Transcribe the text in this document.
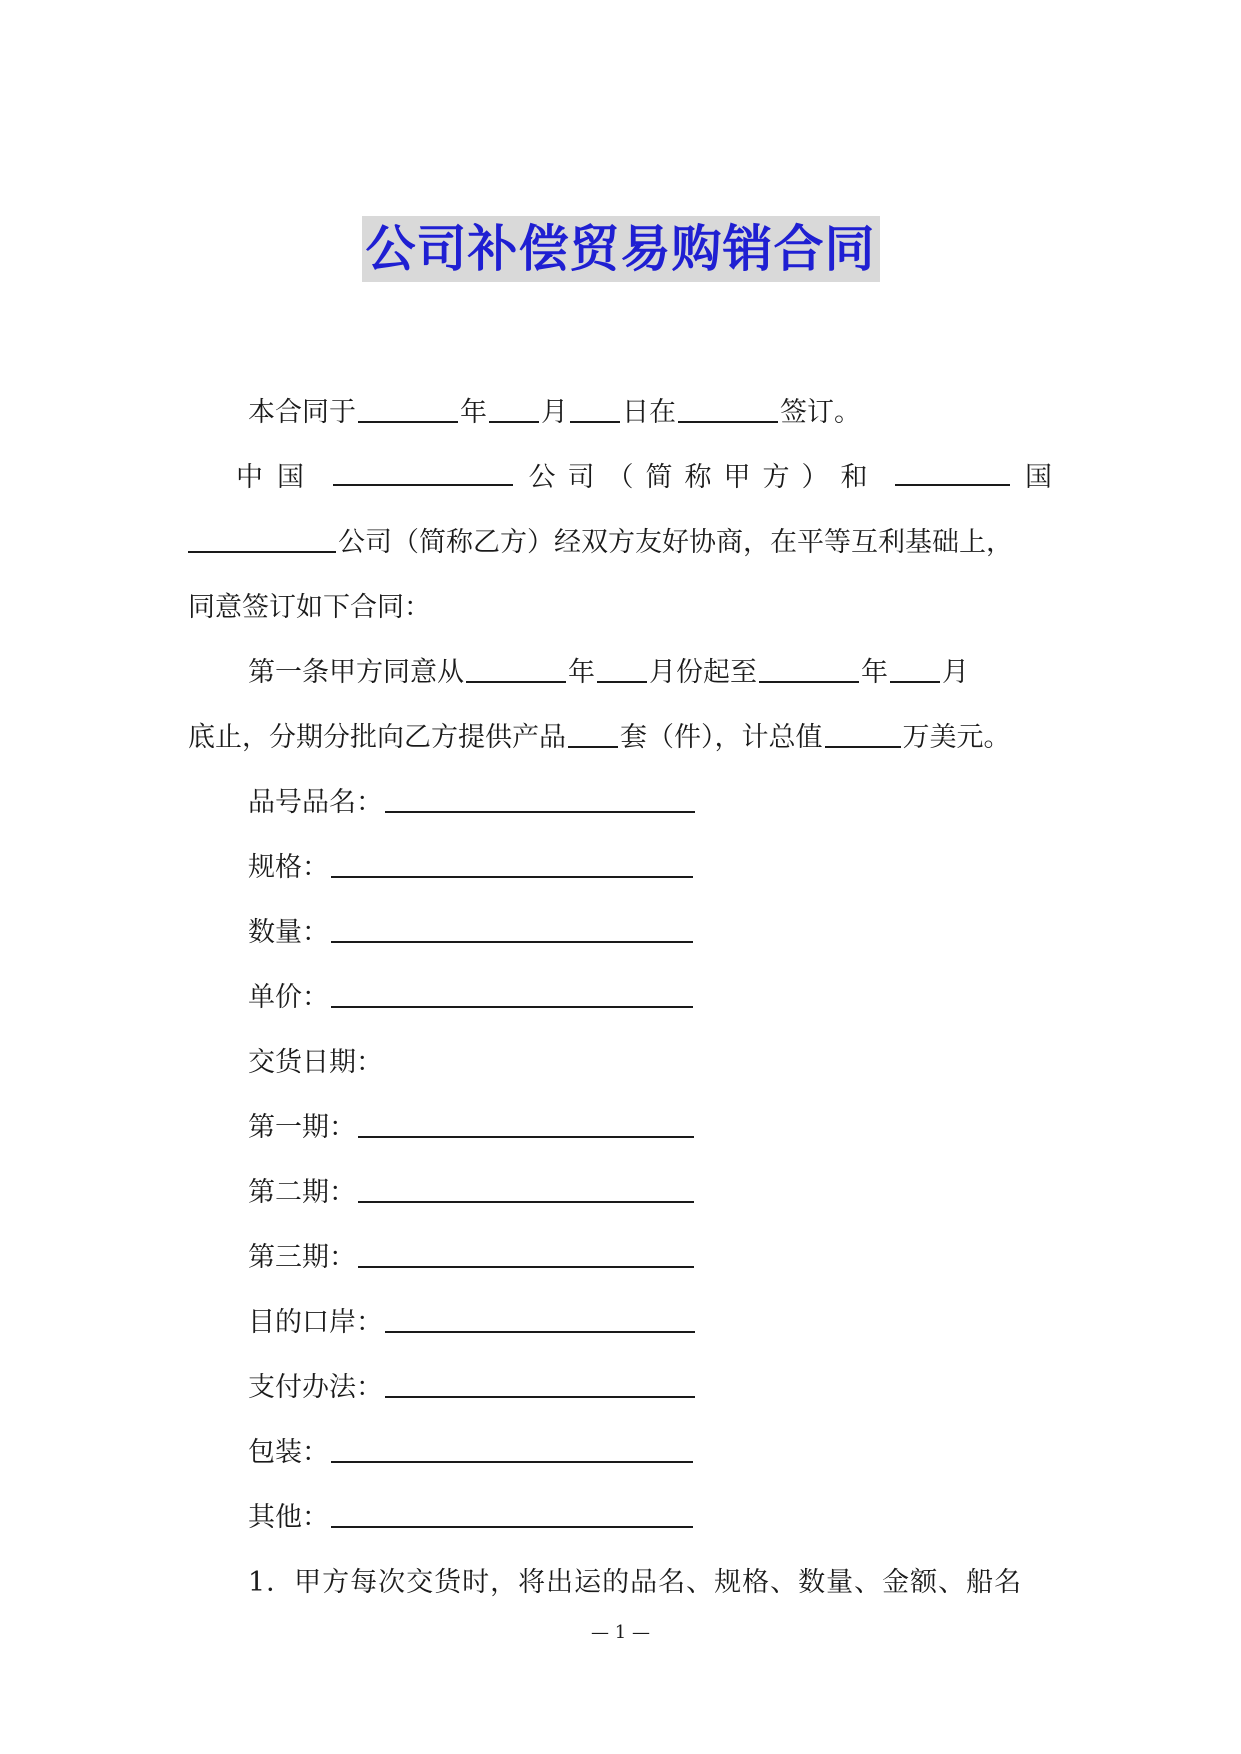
公司补偿贸易购销合同
本合同于	年 月 日在	签订。
中国	公司（简称甲方）和	国
公司（简称乙方）经双方友好协商，在平等互利基础上，
同意签订如下合同：
第一条甲方同意从	年 月份起至	年 月
底止，分期分批向乙方提供产品 套（件），计总值	万美元。
品号品名：
规格：
数量：
单价：
交货日期：
第一期：
第二期：
第三期：
目的口岸：
支付办法：
包装：
其他：
1．甲方每次交货时，将出运的品名、规格、数量、金额、船名
— 1 —
